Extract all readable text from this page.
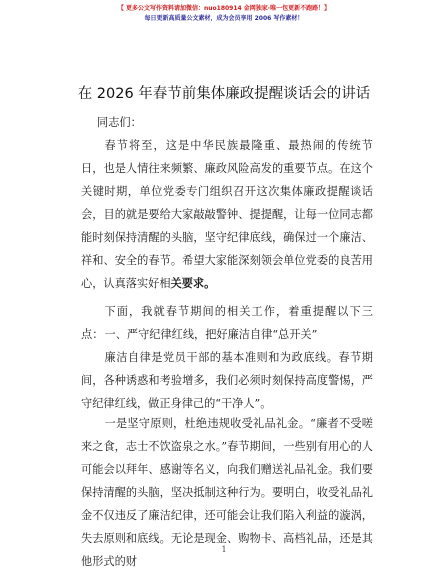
【 更多公文写作资料请加微信：nuo180914 金网独家·唯一包更新不跑路！】
每日更新高质量公文素材，成为会员享用 2006 写作素材！
在 2026 年春节前集体廉政提醒谈话会的讲话
同志们：
春节将至，这是中华民族最隆重、最热闹的传统节日，也是人情往来频繁、廉政风险高发的重要节点。在这个关键时期，单位党委专门组织召开这次集体廉政提醒谈话会，目的就是要给大家敲敲警钟、提提醒，让每一位同志都能时刻保持清醒的头脑，坚守纪律底线，确保过一个廉洁、祥和、安全的春节。希望大家能深刻领会单位党委的良苦用心，认真落实好相关要求。
下面，我就春节期间的相关工作，着重提醒以下三点： 一、严守纪律红线，把好廉洁自律“总开关”
廉洁自律是党员干部的基本准则和为政底线。春节期间，各种诱惑和考验增多，我们必须时刻保持高度警惕，严守纪律红线，做正身律己的“干净人”。
一是坚守原则，杜绝违规收受礼品礼金。“廉者不受嗟来之食，志士不饮盗泉之水。”春节期间，一些别有用心的人可能会以拜年、感谢等名义，向我们赠送礼品礼金。我们要保持清醒的头脑，坚决抵制这种行为。要明白，收受礼品礼金不仅违反了廉洁纪律，还可能会让我们陷入利益的漩涡，失去原则和底线。无论是现金、购物卡、高档礼品，还是其他形式的财
1
